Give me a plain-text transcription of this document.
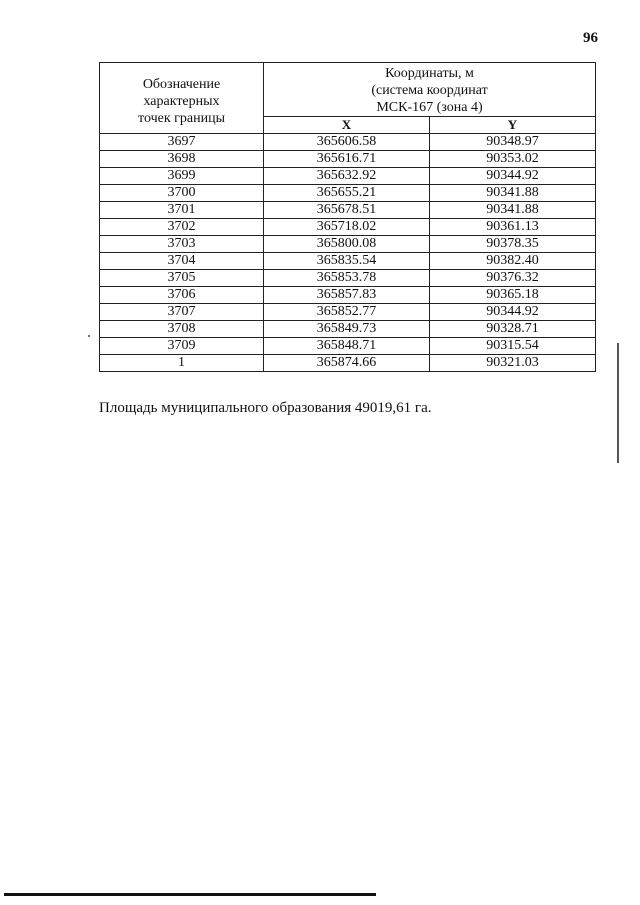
96
Обозначение
характерных
точек границы	Координаты, м
(система координат
МСК-167 (зона 4)	

	X	Y
3697	365606.58	90348.97
3698	365616.71	90353.02
3699	365632.92	90344.92
3700	365655.21	90341.88
3701	365678.51	90341.88
3702	365718.02	90361.13
3703	365800.08	90378.35
3704	365835.54	90382.40
3705	365853.78	90376.32
3706	365857.83	90365.18
3707	365852.77	90344.92
3708	365849.73	90328.71
3709	365848.71	90315.54
1	365874.66	90321.03
Площадь муниципального образования 49019,61 га.
